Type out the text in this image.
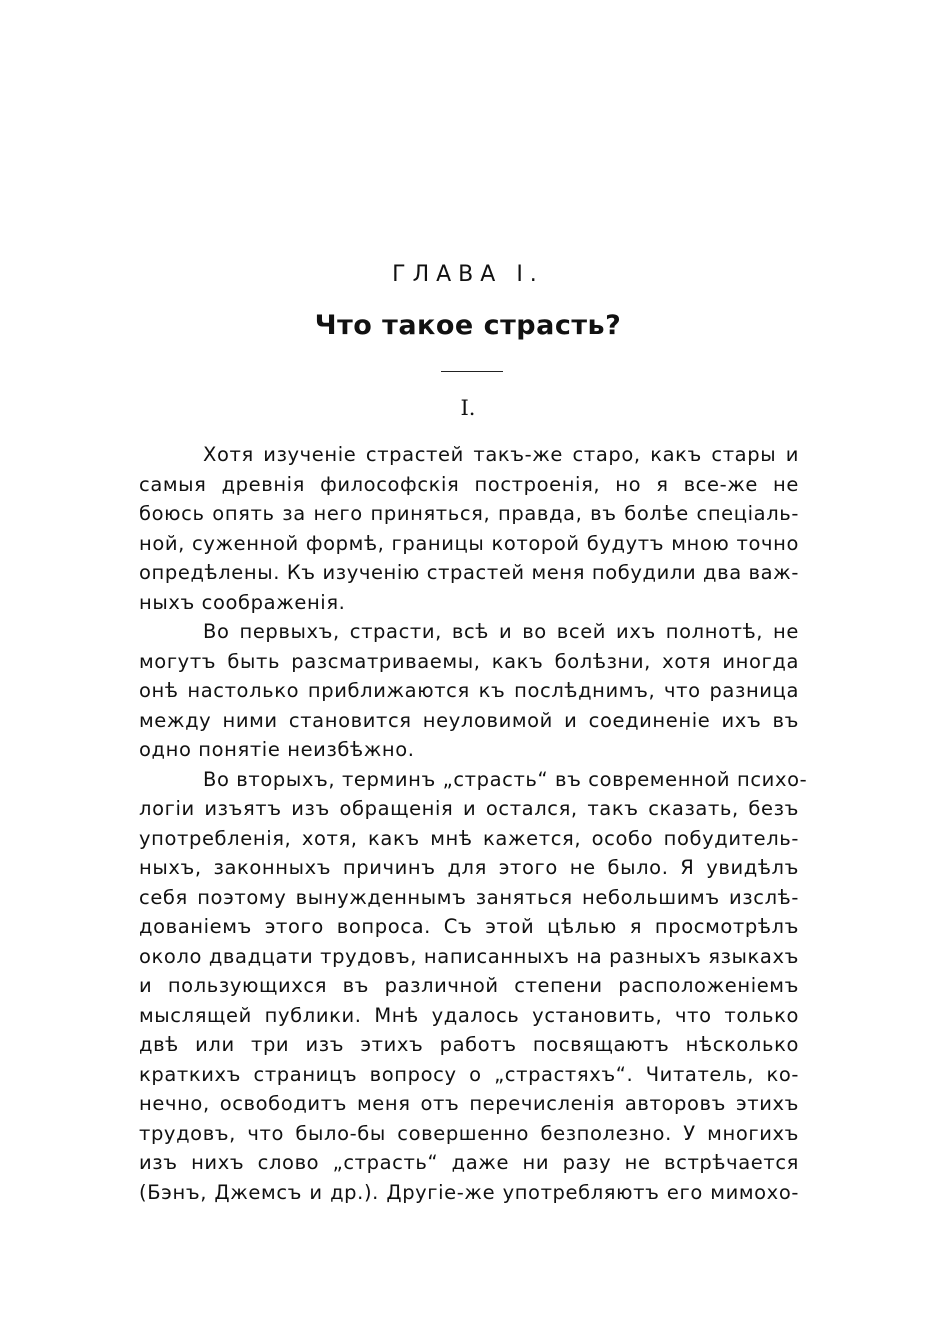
ГЛАВА I.
Что такое страсть?
I.

Хотя изученіе страстей такъ-же старо, какъ стары и
самыя древнія философскія построенія, но я все-же не
боюсь опять за него приняться, правда, въ болѣе спеціаль-
ной, суженной формѣ, границы которой будутъ мною точно
опредѣлены. Къ изученію страстей меня побудили два важ-
ныхъ соображенія.

Во первыхъ, страсти, всѣ и во всей ихъ полнотѣ, не
могутъ быть разсматриваемы, какъ болѣзни, хотя иногда
онѣ настолько приближаются къ послѣднимъ, что разница
между ними становится неуловимой и соединеніе ихъ въ
одно понятіе неизбѣжно.

Во вторыхъ, терминъ „страсть“ въ современной психо-
логіи изъятъ изъ обращенія и остался, такъ сказать, безъ
употребленія, хотя, какъ мнѣ кажется, особо побудитель-
ныхъ, законныхъ причинъ для этого не было. Я увидѣлъ
себя поэтому вынужденнымъ заняться небольшимъ изслѣ-
дованіемъ этого вопроса. Съ этой цѣлью я просмотрѣлъ
около двадцати трудовъ, написанныхъ на разныхъ языкахъ
и пользующихся въ различной степени расположеніемъ
мыслящей публики. Мнѣ удалось установить, что только
двѣ или три изъ этихъ работъ посвящаютъ нѣсколько
краткихъ страницъ вопросу о „страстяхъ“. Читатель, ко-
нечно, освободитъ меня отъ перечисленія авторовъ этихъ
трудовъ, что было-бы совершенно безполезно. У многихъ
изъ нихъ слово „страсть“ даже ни разу не встрѣчается
(Бэнъ, Джемсъ и др.). Другіе-же употребляютъ его мимохо-
